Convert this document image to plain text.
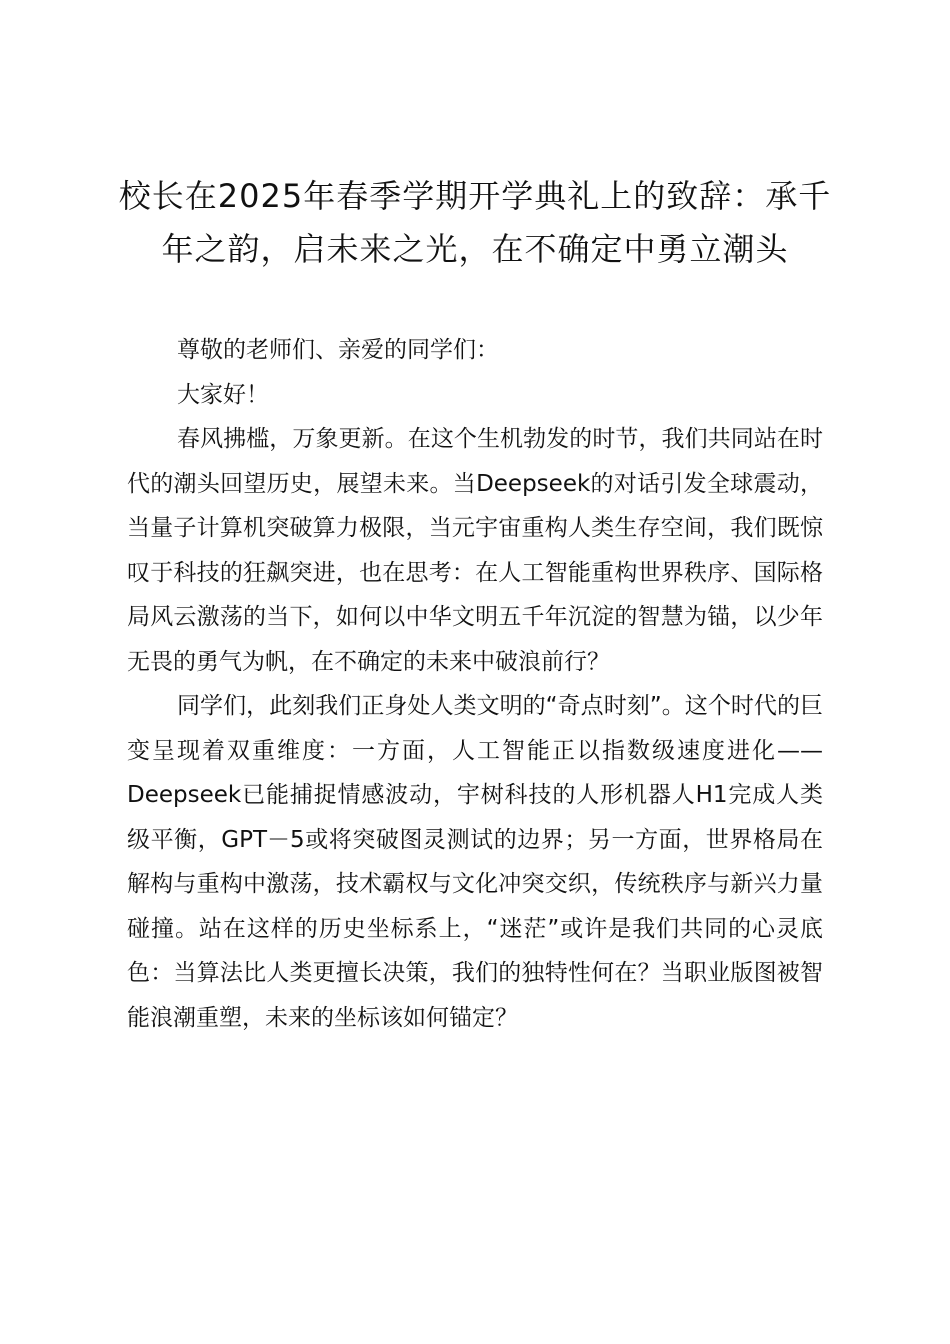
校长在2025年春季学期开学典礼上的致辞：承千年之韵，启未来之光，在不确定中勇立潮头

尊敬的老师们、亲爱的同学们：

大家好！

春风拂槛，万象更新。在这个生机勃发的时节，我们共同站在时代的潮头回望历史，展望未来。当Deepseek的对话引发全球震动，当量子计算机突破算力极限，当元宇宙重构人类生存空间，我们既惊叹于科技的狂飙突进，也在思考：在人工智能重构世界秩序、国际格局风云激荡的当下，如何以中华文明五千年沉淀的智慧为锚，以少年无畏的勇气为帆，在不确定的未来中破浪前行？

同学们，此刻我们正身处人类文明的“奇点时刻”。这个时代的巨变呈现着双重维度：一方面，人工智能正以指数级速度进化——Deepseek已能捕捉情感波动，宇树科技的人形机器人H1完成人类级平衡，GPT－5或将突破图灵测试的边界；另一方面，世界格局在解构与重构中激荡，技术霸权与文化冲突交织，传统秩序与新兴力量碰撞。站在这样的历史坐标系上，“迷茫”或许是我们共同的心灵底色：当算法比人类更擅长决策，我们的独特性何在？当职业版图被智能浪潮重塑，未来的坐标该如何锚定？
